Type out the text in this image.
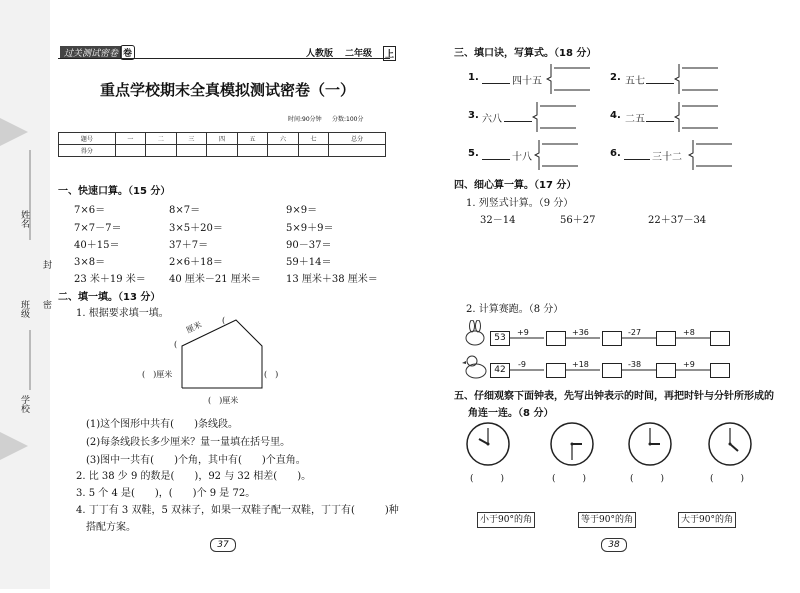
姓名
封
班级 密
学校
过关测试密卷 卷	人教版 二年级 上
重点学校期末全真模拟测试密卷（一）
时间:90分钟 分数:100分
题号	一	二	三	四	五	六	七	总分
得分								
一、快速口算。（15 分）
7×6＝	8×7＝	9×9＝
7×7－7＝	3×5＋20＝	5×9＋9＝
40＋15＝	37＋7＝	90－37＝
3×8＝	2×6＋18＝	59＋14＝
23 米＋19 米＝ 40 厘米－21 厘米＝	13 厘米＋38 厘米＝
二、填一填。（13 分）
1. 根据要求填一填。
(
厘米 (
(　)厘米	(　)
(　)厘米
(1)这个图形中共有(　　)条线段。
(2)每条线段长多少厘米？量一量填在括号里。
(3)图中一共有(　　)个角，其中有(　　)个直角。
2. 比 38 少 9 的数是(　　)，92 与 32 相差(　　)。
3. 5 个 4 是(　　)，(　　)个 9 是 72。
4. 丁丁有 3 双鞋，5 双袜子，如果一双鞋子配一双鞋，丁丁有(　　　)种
搭配方案。
37
三、填口诀，写算式。（18 分）
1.	四十五	2. 五七
3. 六八	4. 二五
5.	十八	6.	三十二
四、细心算一算。（17 分）
1. 列竖式计算。（9 分）
32－14	56＋27	22＋37－34
2. 计算赛跑。（8 分）
53
+9	+36	-27	+8
42
-9	+18	-38	+9
五、仔细观察下面钟表，先写出钟表示的时间，再把时针与分针所形成的
角连一连。（8 分）
(　　　)	(　　　)	(　　　)	(　　　)
小于90°的角	等于90°的角	大于90°的角
38
